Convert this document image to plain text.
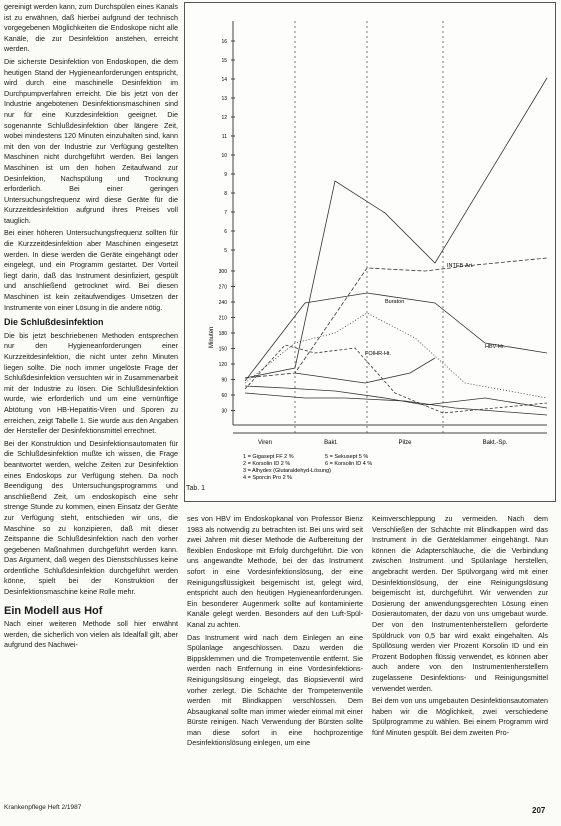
gereinigt werden kann, zum Durchspülen eines Kanals ist zu erwähnen, daß hierbei aufgrund der technisch vorgegebenen Möglichkeiten die Endoskope nicht alle Kanäle, die zur Desinfektion anstehen, erreicht werden.

Die sicherste Desinfektion von Endoskopen, die dem heutigen Stand der Hygieneanforderungen entspricht, wird durch eine maschinelle Desinfektion im Durchpumpverfahren erreicht. Die bis jetzt von der Industrie angebotenen Desinfektionsmaschinen sind nur für eine Kurzdesinfektion geeignet. Die sogenannte Schlußdesinfektion über längere Zeit, wobei mindestens 120 Minuten einzuhalten sind, kann mit den von der Industrie zur Verfügung gestellten Maschinen nicht durchgeführt werden. Bei langen Maschinen ist um den hohen Zeitaufwand zur Desinfektion, Nachspülung und Trocknung erforderlich. Bei einer geringen Untersuchungsfrequenz wird diese Geräte für die Kurzzeitdesinfektion aufgrund ihres Preises voll tauglich.

Bei einer höheren Untersuchungsfrequenz sollten für die Kurzzeitdesinfektion aber Maschinen eingesetzt werden. In diese werden die Geräte eingehängt oder eingelegt, und ein Programm gestartet. Der Vorteil liegt darin, daß das Instrument desinfiziert, gespült und anschließend getrocknet wird. Bei diesen Maschinen ist kein zeitaufwendiges Umsetzen der Instrumente von einer Lösung in die andere nötig.

Die Schlußdesinfektion

Die bis jetzt beschriebenen Methoden entsprechen nur den Hygieneanforderungen einer Kurzzeitdesinfektion, die nicht unter zehn Minuten liegen sollte. Die noch immer ungelöste Frage der Schlußdesinfektion versuchten wir in Zusammenarbeit mit der Industrie zu lösen. Die Schlußdesinfektion wurde, wie erforderlich und um eine vernünftige Abtötung von HB-Hepatitis-Viren und Sporen zu erreichen, zeigt Tabelle 1. Sie wurde aus den Angaben der Hersteller der Desinfektionsmittel errechnet.

Bei der Konstruktion und Desinfektionsautomaten für die Schlußdesinfektion mußte ich wissen, die Frage beantwortet werden, welche Zeiten zur Desinfektion eines Endoskops zur Verfügung stehen. Da noch Beendigung des Untersuchungsprogramms und anschließend Zeit, um endoskopisch eine sehr strenge Stunde zu kommen, einen Einsatz der Geräte zur Verfügung steht, entschieden wir uns, die Maschine so zu konzipieren, daß mit dieser Zeitspanne die Schlußdesinfektion nach den vorher gegebenen Maßnahmen durchgeführt werden kann. Das Argument, daß wegen des Dienstschlusses keine ordentliche Schlußdesinfektion durchgeführt werden könne, spielt bei der Konstruktion der Desinfektionsmaschine keine Rolle mehr.

Ein Modell aus Hof

Nach einer weiteren Methode soll hier erwähnt werden, die sicherlich von vielen als Idealfall gilt, aber aufgrund des Nachwei-

16
15
14
13
12
11
10
9
8
7
6
5
300
270
240
210
180
150
120
90
60
30
Viren	Bakt.	Pilze	Bakt.-Sp.
Minuten
INTEB-Art.
Buraton
FOIHR-Ht.
HBV-Hr.
1 = Gigasept FF 2 %
2 = Korsolin ID 2 %
3 = Alhydex (Glutaraldehyd-Lösung)
4 = Sporcin Pro 2 %
5 = Sekusept 5 %
6 = Korsolin ID 4 %
Tab. 1

ses von HBV im Endoskopkanal von Professor Bienz 1983 als notwendig zu betrachten ist. Bei uns wird seit zwei Jahren mit dieser Methode die Aufbereitung der flexiblen Endoskope mit Erfolg durchgeführt. Die von uns angewandte Methode, bei der das Instrument sofort in eine Vordesinfektionslösung, der eine Reinigungsflüssigkeit beigemischt ist, gelegt wird, entspricht auch den heutigen Hygieneanforderungen. Ein besonderer Augenmerk sollte auf kontaminierte Kanäle gelegt werden. Besonders auf den Luft-Spül-Kanal zu achten.

Das Instrument wird nach dem Einlegen an eine Spülanlage angeschlossen. Dazu werden die Bippsklemmen und die Trompetenventile entfernt. Sie werden nach Entfernung in eine Vordesinfektions-Reinigungslösung eingelegt, das Biopsieventil wird vorher zerlegt. Die Schächte der Trompetenventile werden mit Blindkappen verschlossen. Dem Absaugkanal sollte man immer wieder einmal mit einer Bürste reinigen. Nach Verwendung der Bürsten sollte man diese sofort in eine hochprozentige Desinfektionslösung einlegen, um eine

Keimverschleppung zu vermeiden. Nach dem Verschließen der Schächte mit Blindkappen wird das Instrument in die Geräteklammer eingehängt. Nun können die Adapterschläuche, die die Verbindung zwischen Instrument und Spülanlage herstellen, angebracht werden. Der Spülvorgang wird mit einer Desinfektionslösung, der eine Reinigungslösung beigemischt ist, durchgeführt. Wir verwenden zur Dosierung der anwendungsgerechten Lösung einen Dosierautomaten, der dazu von uns umgebaut wurde. Der von den Instrumentenherstellern geforderte Spüldruck von 0,5 bar wird exakt eingehalten. Als Spüllösung werden vier Prozent Korsolin ID und ein Prozent Bodophen flüssig verwendet, es können aber auch andere von den Instrumentenherstellern zugelassene Desinfektions- und Reinigungsmittel verwendet werden.

Bei dem von uns umgebauten Desinfektionsautomaten haben wir die Möglichkeit, zwei verschiedene Spülprogramme zu wählen. Bei einem Programm wird fünf Minuten gespült. Bei dem zweiten Pro-

Krankenpflege Heft 2/1987	207
